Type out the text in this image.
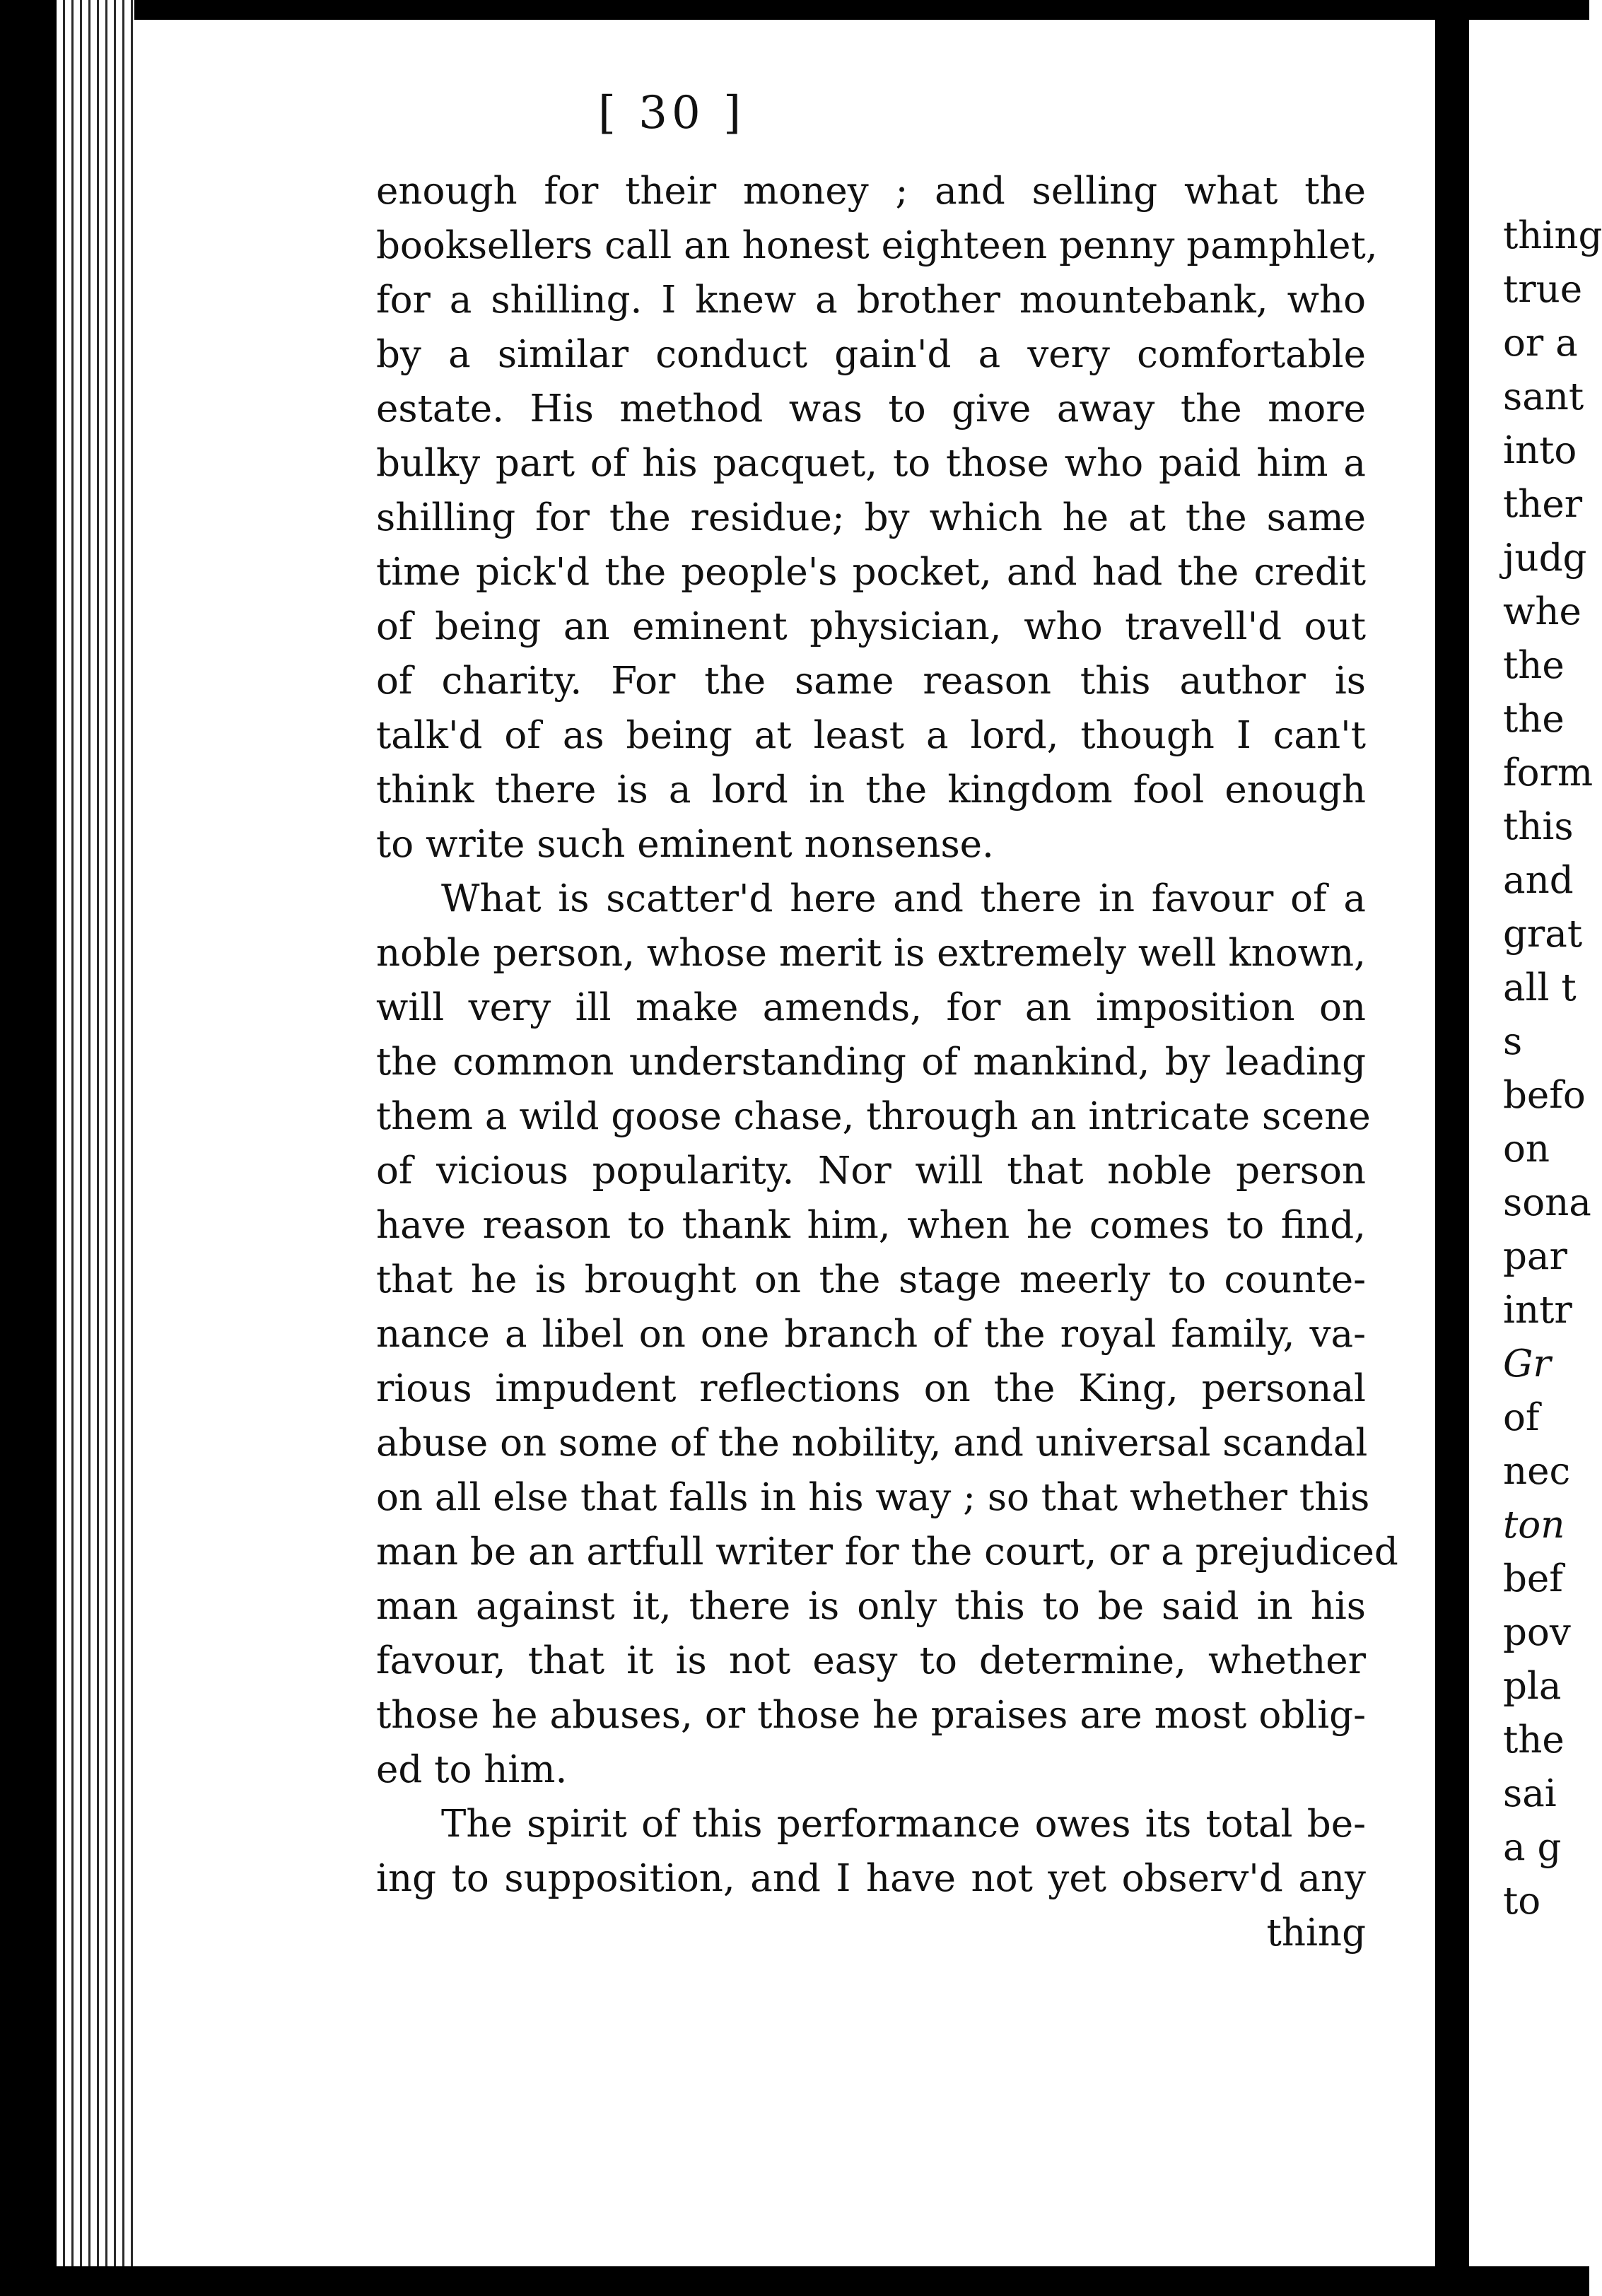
[ 30 ]
enough for their money ; and selling what the
booksellers call an honest eighteen penny pamphlet,
for a shilling. I knew a brother mountebank, who
by a similar conduct gain'd a very comfortable
estate. His method was to give away the more
bulky part of his pacquet, to those who paid him a
shilling for the residue; by which he at the same
time pick'd the people's pocket, and had the credit
of being an eminent physician, who travell'd out
of charity. For the same reason this author is
talk'd of as being at least a lord, though I can't
think there is a lord in the kingdom fool enough
to write such eminent nonsense.
What is scatter'd here and there in favour of a
noble person, whose merit is extremely well known,
will very ill make amends, for an imposition on
the common understanding of mankind, by leading
them a wild goose chase, through an intricate scene
of vicious popularity. Nor will that noble person
have reason to thank him, when he comes to find,
that he is brought on the stage meerly to counte-
nance a libel on one branch of the royal family, va-
rious impudent reflections on the King, personal
abuse on some of the nobility, and universal scandal
on all else that falls in his way ; so that whether this
man be an artfull writer for the court, or a prejudiced
man against it, there is only this to be said in his
favour, that it is not easy to determine, whether
those he abuses, or those he praises are most oblig-
ed to him.
The spirit of this performance owes its total be-
ing to supposition, and I have not yet observ'd any
thing
thing
true
or a
sant
into
ther
judg
whe
the
the
form
this
and
grat
all t
s
befo
on
sona
par
intr
Gr
of
nec
ton
bef
pov
pla
the
sai
a g
to
